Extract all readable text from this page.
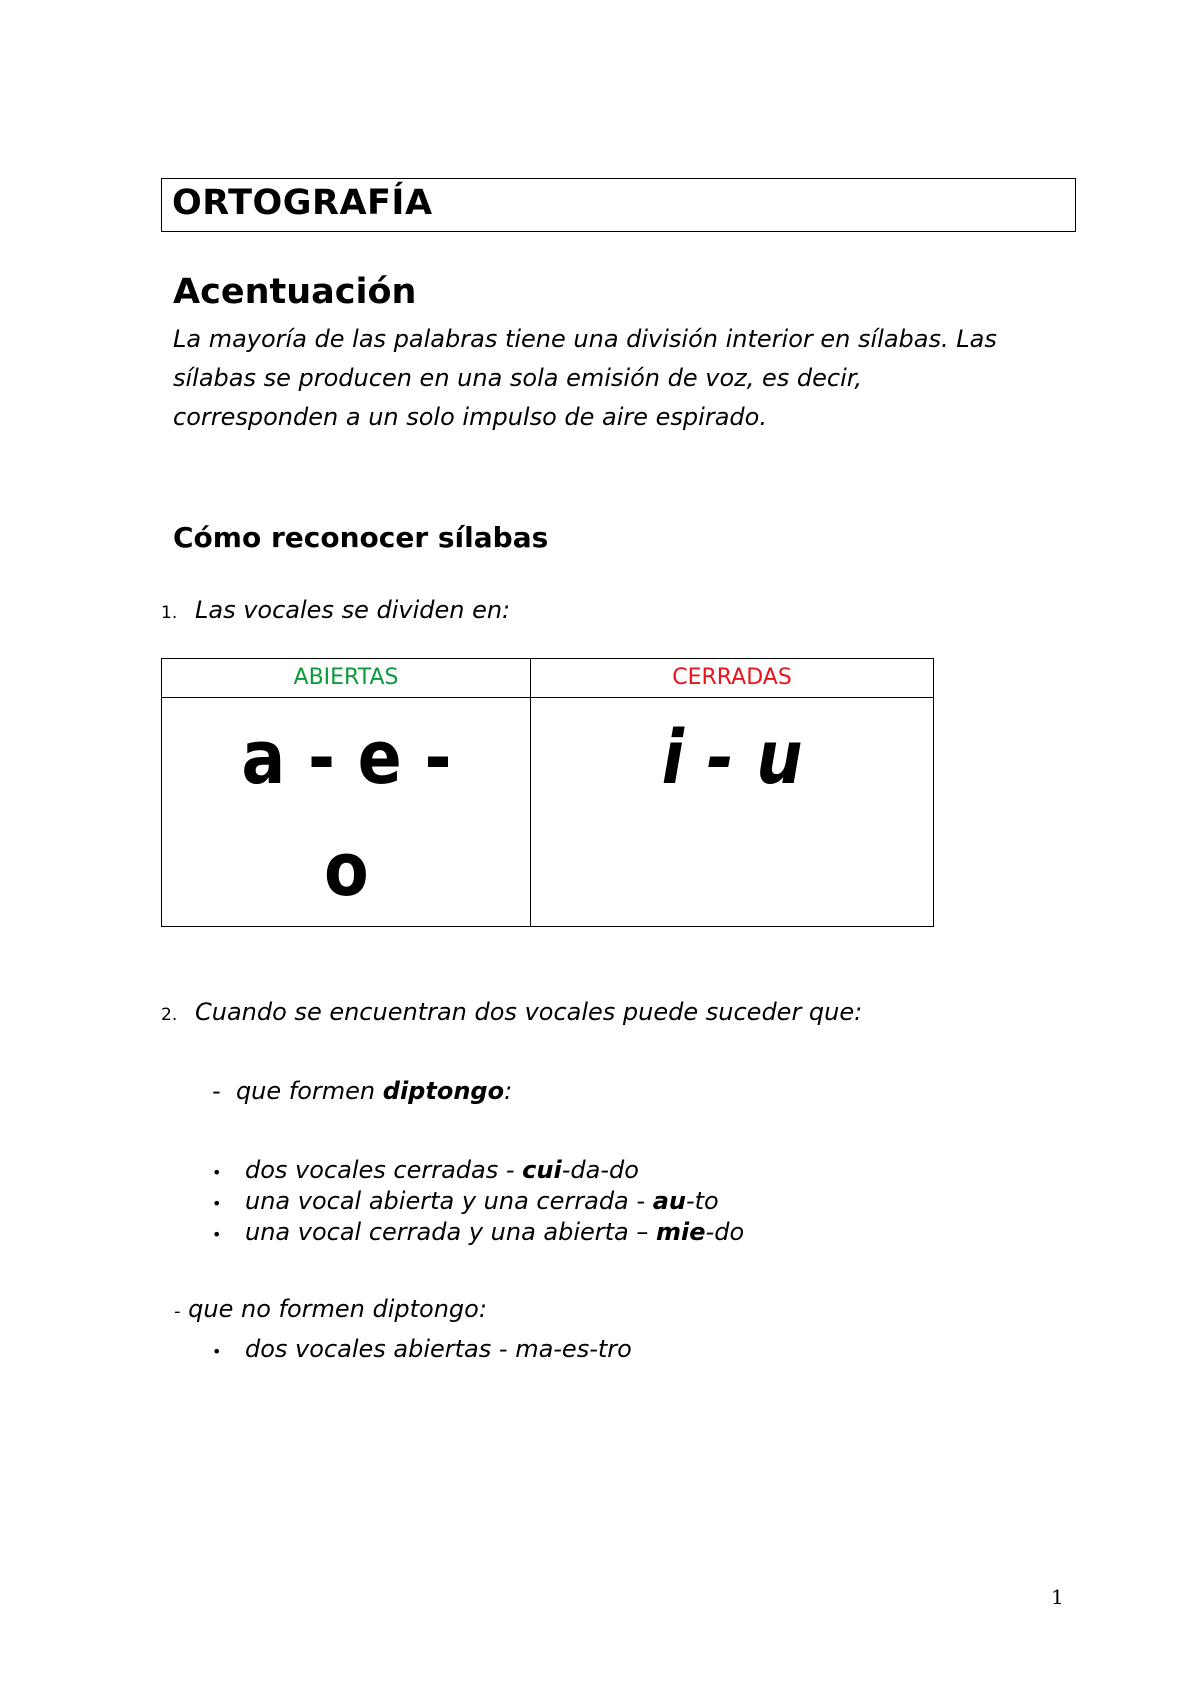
ORTOGRAFÍA
Acentuación
La mayoría de las palabras tiene una división interior en sílabas. Las
sílabas se producen en una sola emisión de voz, es decir,
corresponden a un solo impulso de aire espirado.
Cómo reconocer sílabas
1. Las vocales se dividen en:
ABIERTAS	CERRADAS

a - e -
o	i - u
2. Cuando se encuentran dos vocales puede suceder que:
- que formen diptongo:
• dos vocales cerradas - cui-da-do
• una vocal abierta y una cerrada - au-to
• una vocal cerrada y una abierta – mie-do
- que no formen diptongo:
• dos vocales abiertas - ma-es-tro
1
